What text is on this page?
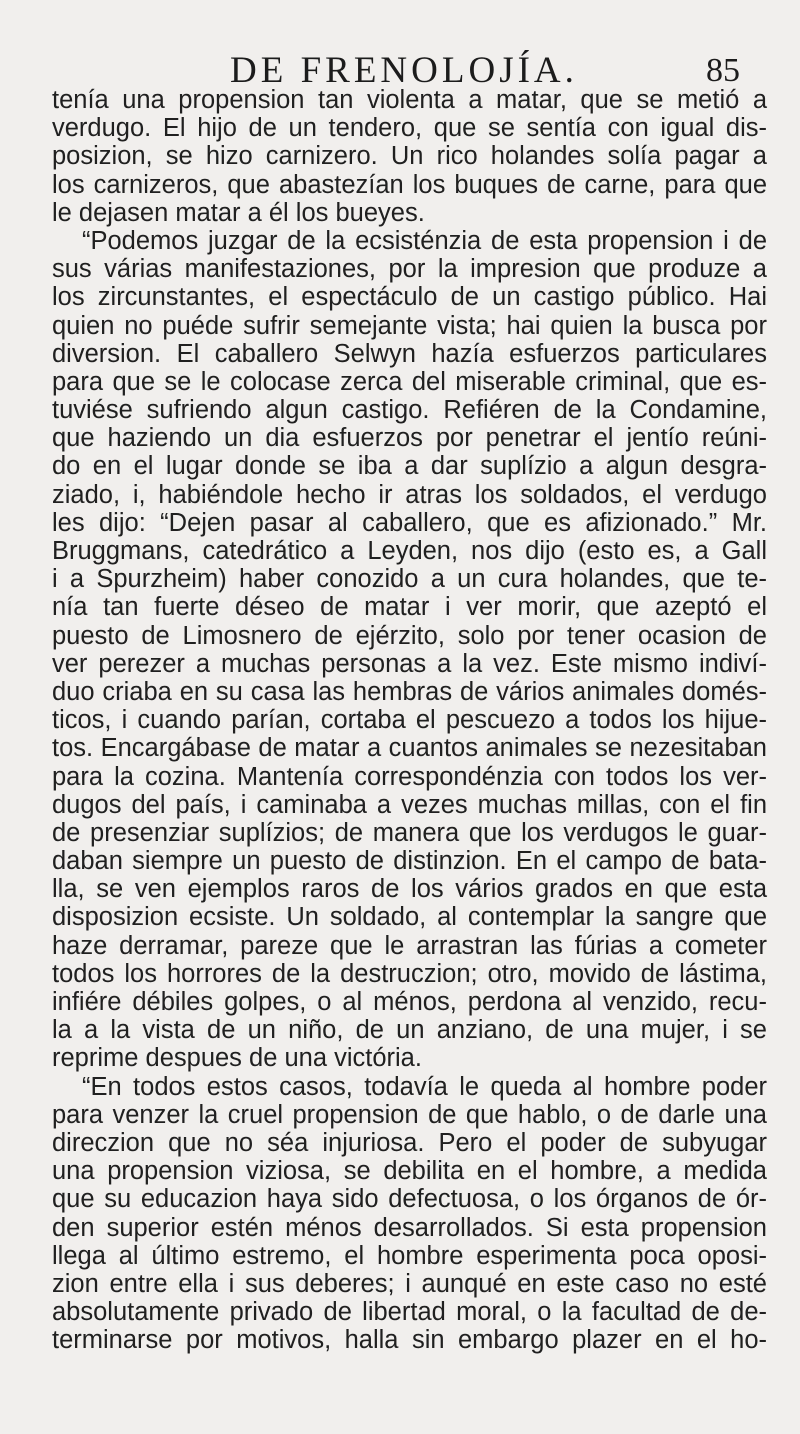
DE FRENOLOJÍA.	85
tenía una propension tan violenta a matar, que se metió a
verdugo. El hijo de un tendero, que se sentía con igual dis-
posizion, se hizo carnizero. Un rico holandes solía pagar a
los carnizeros, que abastezían los buques de carne, para que
le dejasen matar a él los bueyes.
“Podemos juzgar de la ecsisténzia de esta propension i de
sus várias manifestaziones, por la impresion que produze a
los zircunstantes, el espectáculo de un castigo público. Hai
quien no puéde sufrir semejante vista; hai quien la busca por
diversion. El caballero Selwyn hazía esfuerzos particulares
para que se le colocase zerca del miserable criminal, que es-
tuviése sufriendo algun castigo. Refiéren de la Condamine,
que haziendo un dia esfuerzos por penetrar el jentío reúni-
do en el lugar donde se iba a dar suplízio a algun desgra-
ziado, i, habiéndole hecho ir atras los soldados, el verdugo
les dijo: “Dejen pasar al caballero, que es afizionado.” Mr.
Bruggmans, catedrático a Leyden, nos dijo (esto es, a Gall
i a Spurzheim) haber conozido a un cura holandes, que te-
nía tan fuerte déseo de matar i ver morir, que azeptó el
puesto de Limosnero de ejérzito, solo por tener ocasion de
ver perezer a muchas personas a la vez. Este mismo indiví-
duo criaba en su casa las hembras de vários animales domés-
ticos, i cuando parían, cortaba el pescuezo a todos los hijue-
tos. Encargábase de matar a cuantos animales se nezesitaban
para la cozina. Mantenía correspondénzia con todos los ver-
dugos del país, i caminaba a vezes muchas millas, con el fin
de presenziar suplízios; de manera que los verdugos le guar-
daban siempre un puesto de distinzion. En el campo de bata-
lla, se ven ejemplos raros de los vários grados en que esta
disposizion ecsiste. Un soldado, al contemplar la sangre que
haze derramar, pareze que le arrastran las fúrias a cometer
todos los horrores de la destruczion; otro, movido de lástima,
infiére débiles golpes, o al ménos, perdona al venzido, recu-
la a la vista de un niño, de un anziano, de una mujer, i se
reprime despues de una victória.
“En todos estos casos, todavía le queda al hombre poder
para venzer la cruel propension de que hablo, o de darle una
direczion que no séa injuriosa. Pero el poder de subyugar
una propension viziosa, se debilita en el hombre, a medida
que su educazion haya sido defectuosa, o los órganos de ór-
den superior estén ménos desarrollados. Si esta propension
llega al último estremo, el hombre esperimenta poca oposi-
zion entre ella i sus deberes; i aunqué en este caso no esté
absolutamente privado de libertad moral, o la facultad de de-
terminarse por motivos, halla sin embargo plazer en el ho-
